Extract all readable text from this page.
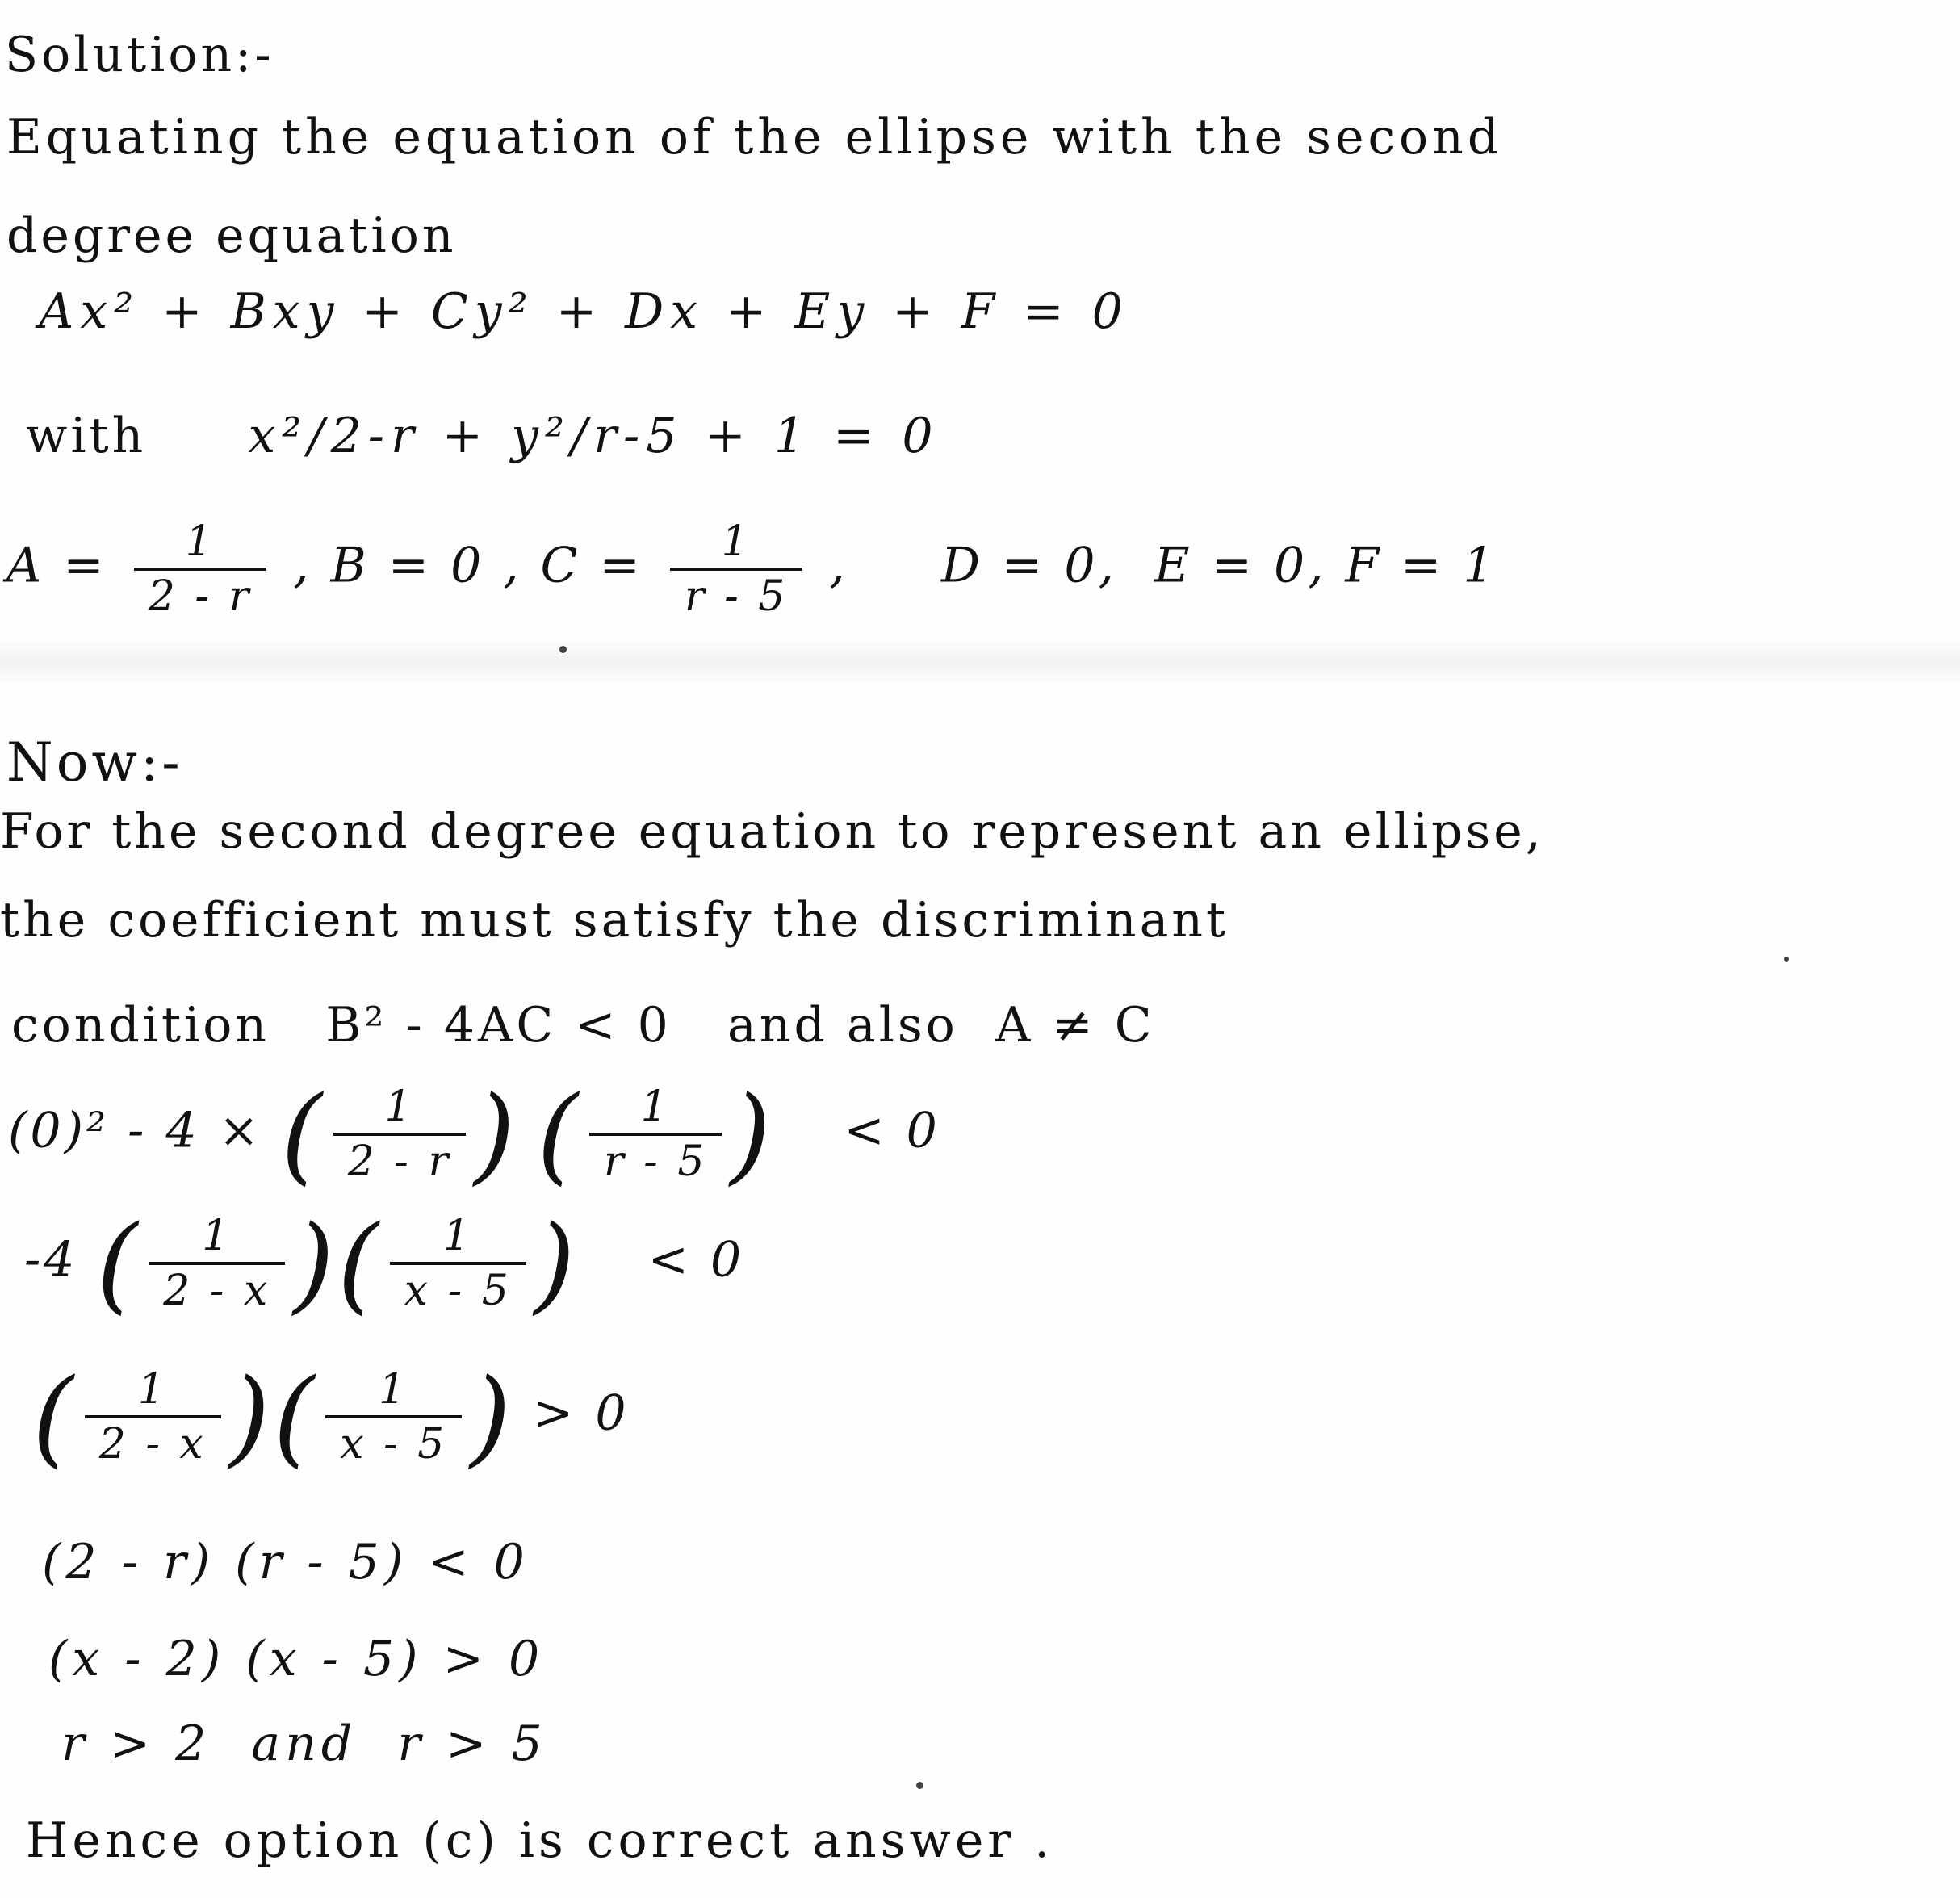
Solution:-
Equating the equation of the ellipse with the second
degree equation
Ax² + Bxy + Cy² + Dx + Ey + F = 0
with x²/2-r + y²/r-5 + 1 = 0
$A = \frac{1}{2 - r}$ , B = 0 , $C = \frac{1}{r - 5}$ ,     D = 0,  E = 0, F = 1
Now:-
For the second degree equation to represent an ellipse,
the coefficient must satisfy the discriminant
condition   B² - 4AC < 0   and also  A ≠ C
(0)² - 4 × ( $\frac{1}{2 - r}$ ) ( $\frac{1}{r - 5}$ ) < 0
-4 ( $\frac{1}{2 - x}$ )( $\frac{1}{x - 5}$ ) < 0
( $\frac{1}{2 - x}$ )( $\frac{1}{x - 5}$ ) > 0
(2 - r) (r - 5) < 0
(x - 2) (x - 5) > 0
r > 2  and  r > 5
Hence option (c) is correct answer .
